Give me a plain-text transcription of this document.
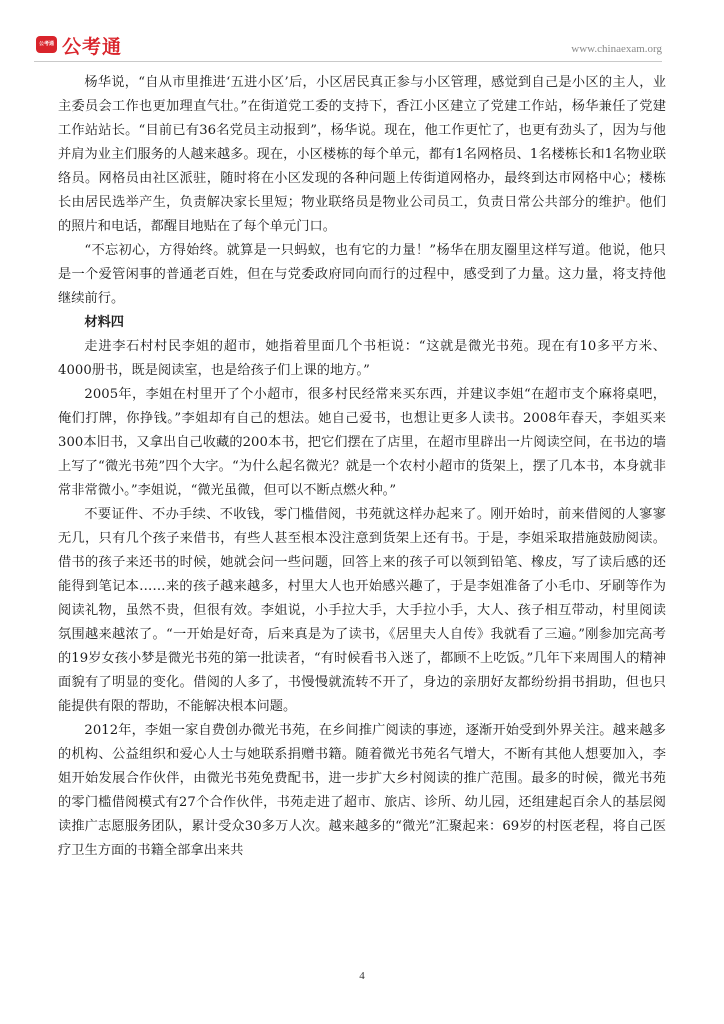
公考通 公考通	www.chinaexam.org

杨华说，“自从市里推进‘五进小区’后，小区居民真正参与小区管理，感觉到自己是小区的主人，业主委员会工作也更加理直气壮。”在街道党工委的支持下，香江小区建立了党建工作站，杨华兼任了党建工作站站长。“目前已有36名党员主动报到”，杨华说。现在，他工作更忙了，也更有劲头了，因为与他并肩为业主们服务的人越来越多。现在，小区楼栋的每个单元，都有1名网格员、1名楼栋长和1名物业联络员。网格员由社区派驻，随时将在小区发现的各种问题上传街道网格办，最终到达市网格中心；楼栋长由居民选举产生，负责解决家长里短；物业联络员是物业公司员工，负责日常公共部分的维护。他们的照片和电话，都醒目地贴在了每个单元门口。

“不忘初心，方得始终。就算是一只蚂蚁，也有它的力量！”杨华在朋友圈里这样写道。他说，他只是一个爱管闲事的普通老百姓，但在与党委政府同向而行的过程中，感受到了力量。这力量，将支持他继续前行。

材料四

走进李石村村民李姐的超市，她指着里面几个书柜说：“这就是微光书苑。现在有10多平方米、4000册书，既是阅读室，也是给孩子们上课的地方。”

2005年，李姐在村里开了个小超市，很多村民经常来买东西，并建议李姐“在超市支个麻将桌吧，俺们打牌，你挣钱。”李姐却有自己的想法。她自己爱书，也想让更多人读书。2008年春天，李姐买来300本旧书，又拿出自己收藏的200本书，把它们摆在了店里，在超市里辟出一片阅读空间，在书边的墙上写了“微光书苑”四个大字。“为什么起名微光？就是一个农村小超市的货架上，摆了几本书，本身就非常非常微小。”李姐说，“微光虽微，但可以不断点燃火种。”

不要证件、不办手续、不收钱，零门槛借阅，书苑就这样办起来了。刚开始时，前来借阅的人寥寥无几，只有几个孩子来借书，有些人甚至根本没注意到货架上还有书。于是，李姐采取措施鼓励阅读。借书的孩子来还书的时候，她就会问一些问题，回答上来的孩子可以领到铅笔、橡皮，写了读后感的还能得到笔记本……来的孩子越来越多，村里大人也开始感兴趣了，于是李姐准备了小毛巾、牙刷等作为阅读礼物，虽然不贵，但很有效。李姐说，小手拉大手，大手拉小手，大人、孩子相互带动，村里阅读氛围越来越浓了。“一开始是好奇，后来真是为了读书，《居里夫人自传》我就看了三遍。”刚参加完高考的19岁女孩小梦是微光书苑的第一批读者，“有时候看书入迷了，都顾不上吃饭。”几年下来周围人的精神面貌有了明显的变化。借阅的人多了，书慢慢就流转不开了，身边的亲朋好友都纷纷捐书捐助，但也只能提供有限的帮助，不能解决根本问题。

2012年，李姐一家自费创办微光书苑，在乡间推广阅读的事迹，逐渐开始受到外界关注。越来越多的机构、公益组织和爱心人士与她联系捐赠书籍。随着微光书苑名气增大，不断有其他人想要加入，李姐开始发展合作伙伴，由微光书苑免费配书，进一步扩大乡村阅读的推广范围。最多的时候，微光书苑的零门槛借阅模式有27个合作伙伴，书苑走进了超市、旅店、诊所、幼儿园，还组建起百余人的基层阅读推广志愿服务团队，累计受众30多万人次。越来越多的“微光”汇聚起来：69岁的村医老程，将自己医疗卫生方面的书籍全部拿出来共

4
